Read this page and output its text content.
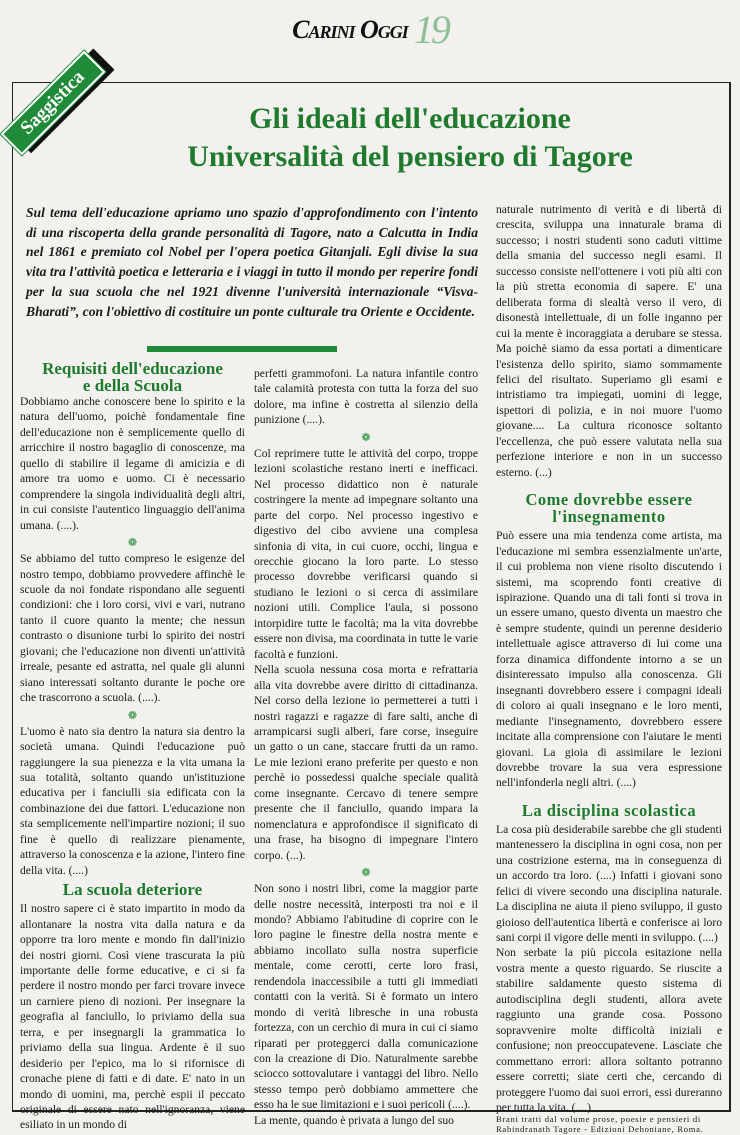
Carini Oggi 19
Saggistica	Gli ideali dell'educazione
Universalità del pensiero di Tagore

Sul tema dell'educazione apriamo uno spazio d'approfondimento con l'intento di una riscoperta della grande personalità di Tagore, nato a Calcutta in India nel 1861 e premiato col Nobel per l'opera poetica Gitanjali. Egli divise la sua vita tra l'attività poetica e letteraria e i viaggi in tutto il mondo per reperire fondi per la sua scuola che nel 1921 divenne l'università internazionale “Visva-Bharati”, con l'obiettivo di costituire un ponte culturale tra Oriente e Occidente.

Requisiti dell'educazione
e della Scuola

Dobbiamo anche conoscere bene lo spirito e la natura dell'uomo, poichè fondamentale fine dell'educazione non è semplicemente quello di arricchire il nostro bagaglio di conoscenze, ma quello di stabilire il legame di amicizia e di amore tra uomo e uomo. Ci è necessario comprendere la singola individualità degli altri, in cui consiste l'autentico linguaggio dell'anima umana. (....).

❁

Se abbiamo del tutto compreso le esigenze del nostro tempo, dobbiamo provvedere affinchè le scuole da noi fondate rispondano alle seguenti condizioni: che i loro corsi, vivi e vari, nutrano tanto il cuore quanto la mente; che nessun contrasto o disunione turbi lo spirito dei nostri giovani; che l'educazione non diventi un'attività irreale, pesante ed astratta, nel quale gli alunni siano interessati soltanto durante le poche ore che trascorrono a scuola. (....).

❁

L'uomo è nato sia dentro la natura sia dentro la società umana. Quindi l'educazione può raggiungere la sua pienezza e la vita umana la sua totalità, soltanto quando un'istituzione educativa per i fanciulli sia edificata con la combinazione dei due fattori. L'educazione non sta semplicemente nell'impartire nozioni; il suo fine è quello di realizzare pienamente, attraverso la conoscenza e la azione, l'intero fine della vita. (....)

La scuola deteriore

Il nostro sapere ci è stato impartito in modo da allontanare la nostra vita dalla natura e da opporre tra loro mente e mondo fin dall'inizio dei nostri giorni. Così viene trascurata la più importante delle forme educative, e ci si fa perdere il nostro mondo per farci trovare invece un carniere pieno di nozioni. Per insegnare la geografia al fanciullo, lo priviamo della sua terra, e per insegnargli la grammatica lo priviamo della sua lingua. Ardente è il suo desiderio per l'epico, ma lo si rifornisce di cronache piene di fatti e di date. E' nato in un mondo di uomini, ma, perchè espii il peccato originale di essere nato nell'ignoranza, viene esiliato in un mondo di

perfetti grammofoni. La natura infantile contro tale calamità protesta con tutta la forza del suo dolore, ma infine è costretta al silenzio della punizione (....).

❁

Col reprimere tutte le attività del corpo, troppe lezioni scolastiche restano inerti e inefficaci. Nel processo didattico non è naturale costringere la mente ad impegnare soltanto una parte del corpo. Nel processo ingestivo e digestivo del cibo avviene una complesa sinfonia di vita, in cui cuore, occhi, lingua e orecchie giocano la loro parte. Lo stesso processo dovrebbe verificarsi quando si studiano le lezioni o si cerca di assimilare nozioni utili. Complice l'aula, si possono intorpidire tutte le facoltà; ma la vita dovrebbe essere non divisa, ma coordinata in tutte le varie facoltà e funzioni.

Nella scuola nessuna cosa morta e refrattaria alla vita dovrebbe avere diritto di cittadinanza. Nel corso della lezione io permetterei a tutti i nostri ragazzi e ragazze di fare salti, anche di arrampicarsi sugli alberi, fare corse, inseguire un gatto o un cane, staccare frutti da un ramo. Le mie lezioni erano preferite per questo e non perchè io possedessi qualche speciale qualità come insegnante. Cercavo di tenere sempre presente che il fanciullo, quando impara la nomenclatura e approfondisce il significato di una frase, ha bisogno di impegnare l'intero corpo. (...).

❁

Non sono i nostri libri, come la maggior parte delle nostre necessità, interposti tra noi e il mondo? Abbiamo l'abitudine di coprire con le loro pagine le finestre della nostra mente e abbiamo incollato sulla nostra superficie mentale, come cerotti, certe loro frasi, rendendola inaccessibile a tutti gli immediati contatti con la verità. Si è formato un intero mondo di verità libresche in una robusta fortezza, con un cerchio di mura in cui ci siamo riparati per proteggerci dalla comunicazione con la creazione di Dio. Naturalmente sarebbe sciocco sottovalutare i vantaggi del libro. Nello stesso tempo però dobbiamo ammettere che esso ha le sue limitazioni e i suoi pericoli (....).

La mente, quando è privata a lungo del suo

naturale nutrimento di verità e di libertà di crescita, sviluppa una innaturale brama di successo; i nostri studenti sono caduti vittime della smania del successo negli esami. Il successo consiste nell'ottenere i voti più alti con la più stretta economia di sapere. E' una deliberata forma di slealtà verso il vero, di disonestà intellettuale, di un folle inganno per cui la mente è incoraggiata a derubare se stessa. Ma poichè siamo da essa portati a dimenticare l'esistenza dello spirito, siamo sommamente felici del risultato. Superiamo gli esami e intristiamo tra impiegati, uomini di legge, ispettori di polizia, e in noi muore l'uomo giovane.... La cultura riconosce soltanto l'eccellenza, che può essere valutata nella sua perfezione interiore e non in un successo esterno. (...)

Come dovrebbe essere
l'insegnamento

Può essere una mia tendenza come artista, ma l'educazione mi sembra essenzialmente un'arte, il cui problema non viene risolto discutendo i sistemi, ma scoprendo fonti creative di ispirazione. Quando una di tali fonti si trova in un essere umano, questo diventa un maestro che è sempre studente, quindi un perenne desiderio intellettuale agisce attraverso di lui come una forza dinamica diffondente intorno a se un disinteressato impulso alla conoscenza. Gli insegnanti dovrebbero essere i compagni ideali di coloro ai quali insegnano e le loro menti, mediante l'insegnamento, dovrebbero essere incitate alla comprensione con l'aiutare le menti giovani. La gioia di assimilare le lezioni dovrebbe trovare la sua vera espressione nell'infonderla negli altri. (....)

La disciplina scolastica

La cosa più desiderabile sarebbe che gli studenti mantenessero la disciplina in ogni cosa, non per una costrizione esterna, ma in conseguenza di un accordo tra loro. (....) Infatti i giovani sono felici di vivere secondo una disciplina naturale. La disciplina ne aiuta il pieno sviluppo, il gusto gioioso dell'autentica libertà e conferisce ai loro sani corpi il vigore delle menti in sviluppo. (....)

Non serbate la più piccola esitazione nella vostra mente a questo riguardo. Se riuscite a stabilire saldamente questo sistema di autodisciplina degli studenti, allora avete raggiunto una grande cosa. Possono sopravvenire molte difficoltà iniziali e confusione; non preoccupatevene. Lasciate che commettano errori: allora soltanto potranno essere corretti; siate certi che, cercando di proteggere l'uomo dai suoi errori, essi dureranno per tutta la vita. (....)

Brani tratti dal volume prose, poesie e pensieri di Rabindranath Tagore - Edizioni Dehoniane, Roma.
